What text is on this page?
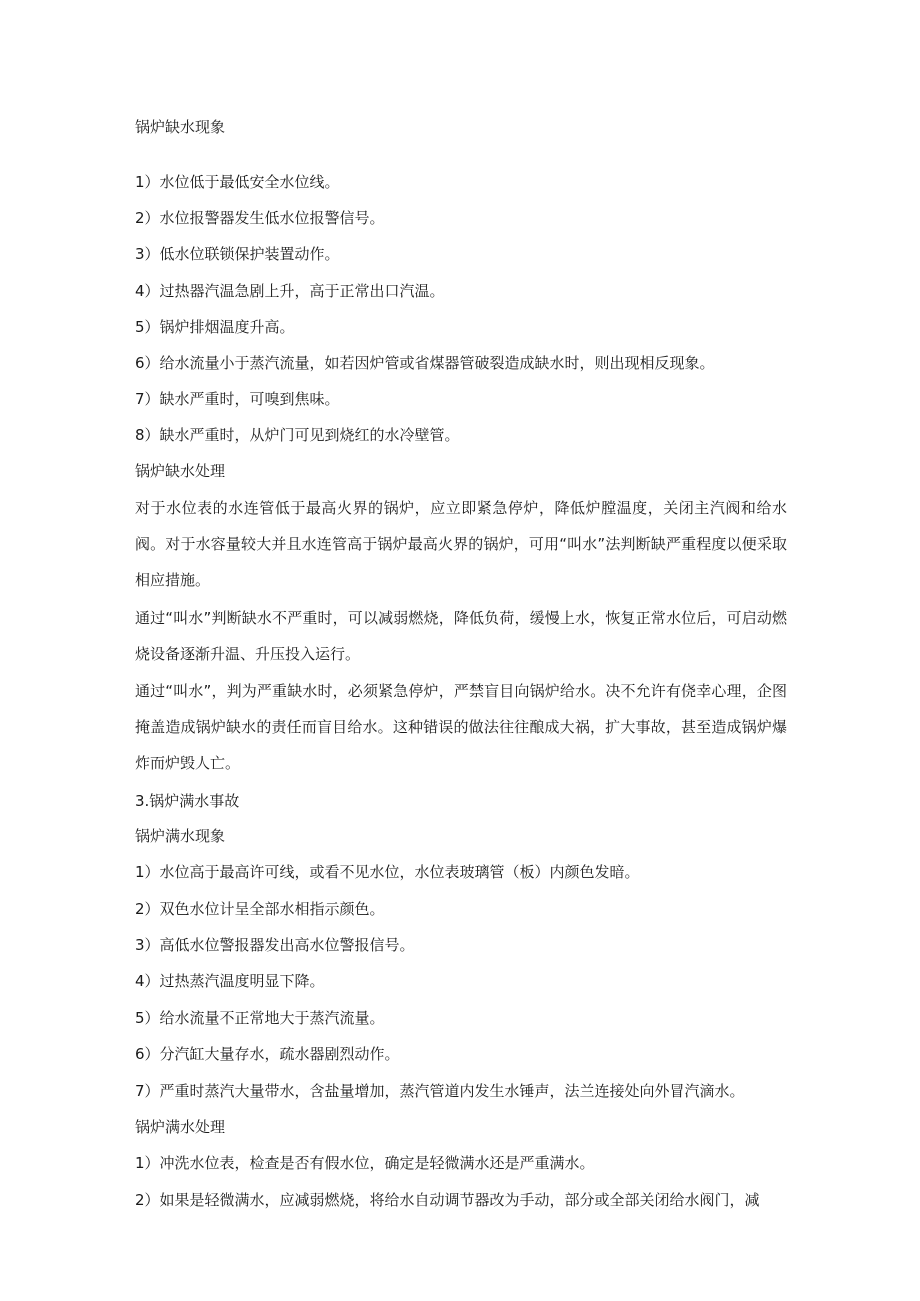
锅炉缺水现象
1）水位低于最低安全水位线。
2）水位报警器发生低水位报警信号。
3）低水位联锁保护装置动作。
4）过热器汽温急剧上升，高于正常出口汽温。
5）锅炉排烟温度升高。
6）给水流量小于蒸汽流量，如若因炉管或省煤器管破裂造成缺水时，则出现相反现象。
7）缺水严重时，可嗅到焦味。
8）缺水严重时，从炉门可见到烧红的水冷壁管。
锅炉缺水处理
对于水位表的水连管低于最高火界的锅炉，应立即紧急停炉，降低炉膛温度，关闭主汽阀和给水阀。对于水容量较大并且水连管高于锅炉最高火界的锅炉，可用“叫水”法判断缺严重程度以便采取相应措施。
通过“叫水”判断缺水不严重时，可以减弱燃烧，降低负荷，缓慢上水，恢复正常水位后，可启动燃烧设备逐渐升温、升压投入运行。
通过“叫水”，判为严重缺水时，必须紧急停炉，严禁盲目向锅炉给水。决不允许有侥幸心理，企图掩盖造成锅炉缺水的责任而盲目给水。这种错误的做法往往酿成大祸，扩大事故，甚至造成锅炉爆炸而炉毁人亡。
3.锅炉满水事故
锅炉满水现象
1）水位高于最高许可线，或看不见水位，水位表玻璃管（板）内颜色发暗。
2）双色水位计呈全部水相指示颜色。
3）高低水位警报器发出高水位警报信号。
4）过热蒸汽温度明显下降。
5）给水流量不正常地大于蒸汽流量。
6）分汽缸大量存水，疏水器剧烈动作。
7）严重时蒸汽大量带水，含盐量增加，蒸汽管道内发生水锤声，法兰连接处向外冒汽滴水。
锅炉满水处理
1）冲洗水位表，检查是否有假水位，确定是轻微满水还是严重满水。
2）如果是轻微满水，应减弱燃烧，将给水自动调节器改为手动，部分或全部关闭给水阀门，减
